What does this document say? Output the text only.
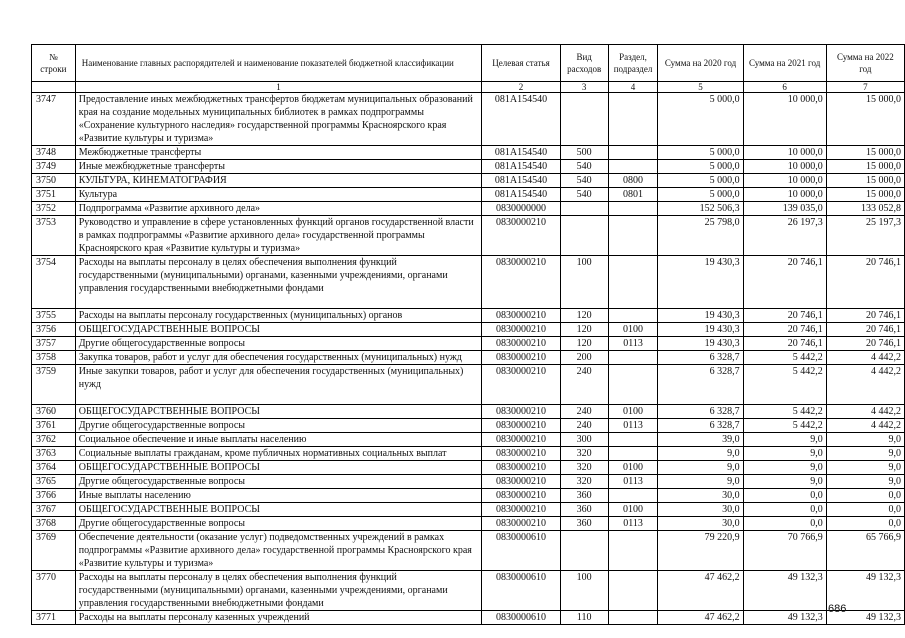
№ строки	Наименование главных распорядителей и наименование показателей бюджетной классификации	Целевая статья	Вид расходов	Раздел, подраздел	Сумма на 2020 год	Сумма на 2021 год	Сумма на 2022 год
	1	2	3	4	5	6	7
3747	Предоставление иных межбюджетных трансфертов бюджетам муниципальных образований края на создание модельных муниципальных библиотек в рамках подпрограммы «Сохранение культурного наследия» государственной программы Красноярского края «Развитие культуры и туризма»	081A154540			5 000,0	10 000,0	15 000,0
3748	Межбюджетные трансферты	081A154540	500		5 000,0	10 000,0	15 000,0
3749	Иные межбюджетные трансферты	081A154540	540		5 000,0	10 000,0	15 000,0
3750	КУЛЬТУРА, КИНЕМАТОГРАФИЯ	081A154540	540	0800	5 000,0	10 000,0	15 000,0
3751	Культура	081A154540	540	0801	5 000,0	10 000,0	15 000,0
3752	Подпрограмма «Развитие архивного дела»	0830000000			152 506,3	139 035,0	133 052,8
3753	Руководство и управление в сфере установленных функций органов государственной власти в рамках подпрограммы «Развитие архивного дела» государственной программы Красноярского края «Развитие культуры и туризма»	0830000210			25 798,0	26 197,3	25 197,3
3754	Расходы на выплаты персоналу в целях обеспечения выполнения функций государственными (муниципальными) органами, казенными учреждениями, органами управления государственными внебюджетными фондами	0830000210	100		19 430,3	20 746,1	20 746,1
3755	Расходы на выплаты персоналу государственных (муниципальных) органов	0830000210	120		19 430,3	20 746,1	20 746,1
3756	ОБЩЕГОСУДАРСТВЕННЫЕ ВОПРОСЫ	0830000210	120	0100	19 430,3	20 746,1	20 746,1
3757	Другие общегосударственные вопросы	0830000210	120	0113	19 430,3	20 746,1	20 746,1
3758	Закупка товаров, работ и услуг для обеспечения государственных (муниципальных) нужд	0830000210	200		6 328,7	5 442,2	4 442,2
3759	Иные закупки товаров, работ и услуг для обеспечения государственных (муниципальных) нужд	0830000210	240		6 328,7	5 442,2	4 442,2
3760	ОБЩЕГОСУДАРСТВЕННЫЕ ВОПРОСЫ	0830000210	240	0100	6 328,7	5 442,2	4 442,2
3761	Другие общегосударственные вопросы	0830000210	240	0113	6 328,7	5 442,2	4 442,2
3762	Социальное обеспечение и иные выплаты населению	0830000210	300		39,0	9,0	9,0
3763	Социальные выплаты гражданам, кроме публичных нормативных социальных выплат	0830000210	320		9,0	9,0	9,0
3764	ОБЩЕГОСУДАРСТВЕННЫЕ ВОПРОСЫ	0830000210	320	0100	9,0	9,0	9,0
3765	Другие общегосударственные вопросы	0830000210	320	0113	9,0	9,0	9,0
3766	Иные выплаты населению	0830000210	360		30,0	0,0	0,0
3767	ОБЩЕГОСУДАРСТВЕННЫЕ ВОПРОСЫ	0830000210	360	0100	30,0	0,0	0,0
3768	Другие общегосударственные вопросы	0830000210	360	0113	30,0	0,0	0,0
3769	Обеспечение деятельности (оказание услуг) подведомственных учреждений в рамках подпрограммы «Развитие архивного дела» государственной программы Красноярского края «Развитие культуры и туризма»	0830000610			79 220,9	70 766,9	65 766,9
3770	Расходы на выплаты персоналу в целях обеспечения выполнения функций государственными (муниципальными) органами, казенными учреждениями, органами управления государственными внебюджетными фондами	0830000610	100		47 462,2	49 132,3	49 132,3
3771	Расходы на выплаты персоналу казенных учреждений	0830000610	110		47 462,2	49 132,3	49 132,3
686
